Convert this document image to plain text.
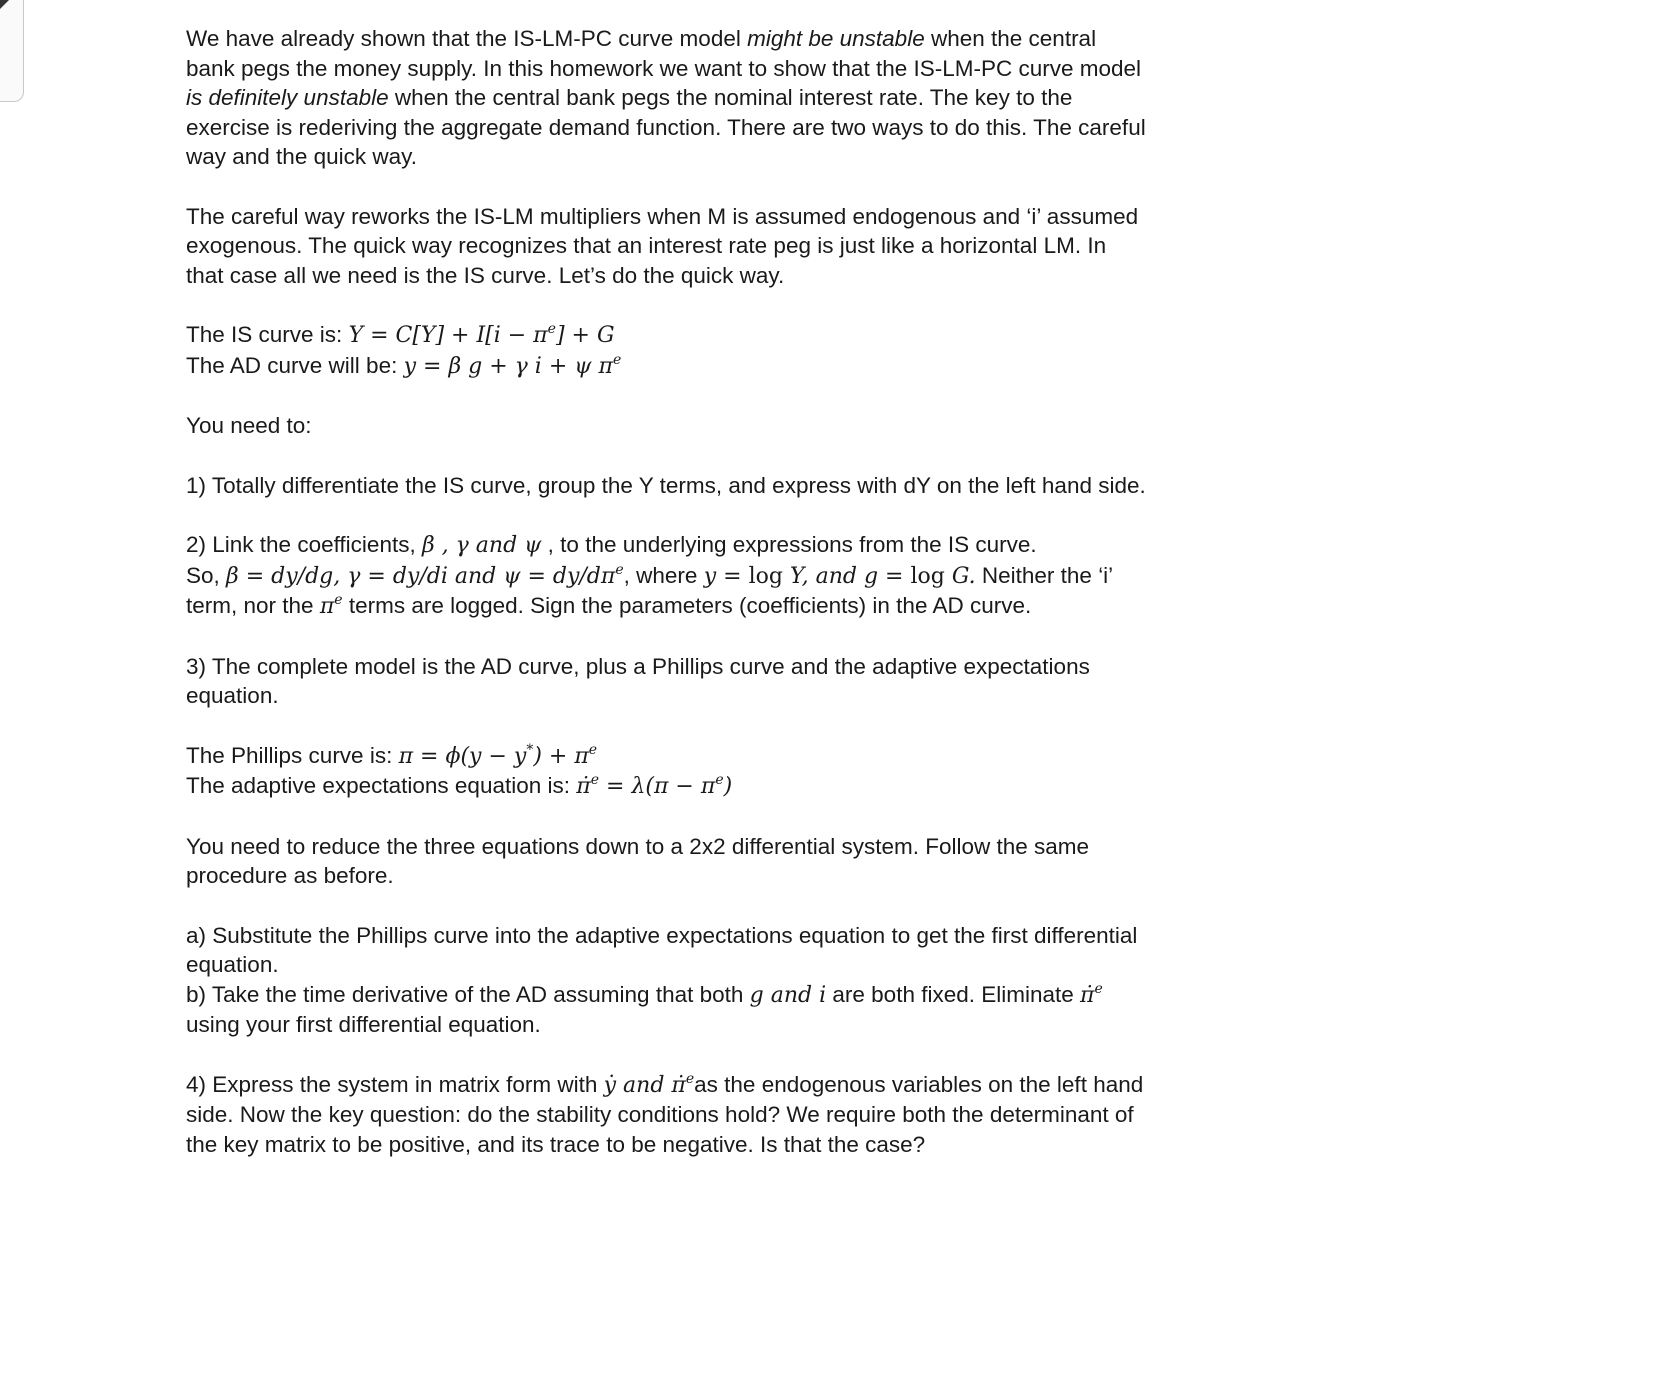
We have already shown that the IS-LM-PC curve model might be unstable when the central bank pegs the money supply. In this homework we want to show that the IS-LM-PC curve model is definitely unstable when the central bank pegs the nominal interest rate. The key to the exercise is rederiving the aggregate demand function. There are two ways to do this. The careful way and the quick way.

The careful way reworks the IS-LM multipliers when M is assumed endogenous and ‘i’ assumed exogenous. The quick way recognizes that an interest rate peg is just like a horizontal LM. In that case all we need is the IS curve. Let’s do the quick way.

The IS curve is: $Y = C[Y] + I[i - \pi^e] + G$

The AD curve will be: y = β g + γ i + ψ $\pi^e$

You need to:

1) Totally differentiate the IS curve, group the Y terms, and express with dY on the left hand side.

2) Link the coefficients, β , γ and ψ , to the underlying expressions from the IS curve.
So, β = dy/dg, γ = dy/di and $\psi = dy/d\pi^e$, where y = log Y, and g = log G. Neither the ‘i’ term, nor the $\pi^e$ terms are logged. Sign the parameters (coefficients) in the AD curve.

3) The complete model is the AD curve, plus a Phillips curve and the adaptive expectations equation.

The Phillips curve is: $\pi = \phi(y - y^*) + \pi^e$

The adaptive expectations equation is: π̇$^e$ = $\lambda(\pi - \pi^e)$

You need to reduce the three equations down to a 2x2 differential system. Follow the same procedure as before.

a) Substitute the Phillips curve into the adaptive expectations equation to get the first differential equation.

b) Take the time derivative of the AD assuming that both g and i are both fixed. Eliminate π̇$^e$ using your first differential equation.

4) Express the system in matrix form with ẏ and π̇$^e$as the endogenous variables on the left hand side. Now the key question: do the stability conditions hold? We require both the determinant of the key matrix to be positive, and its trace to be negative. Is that the case?
